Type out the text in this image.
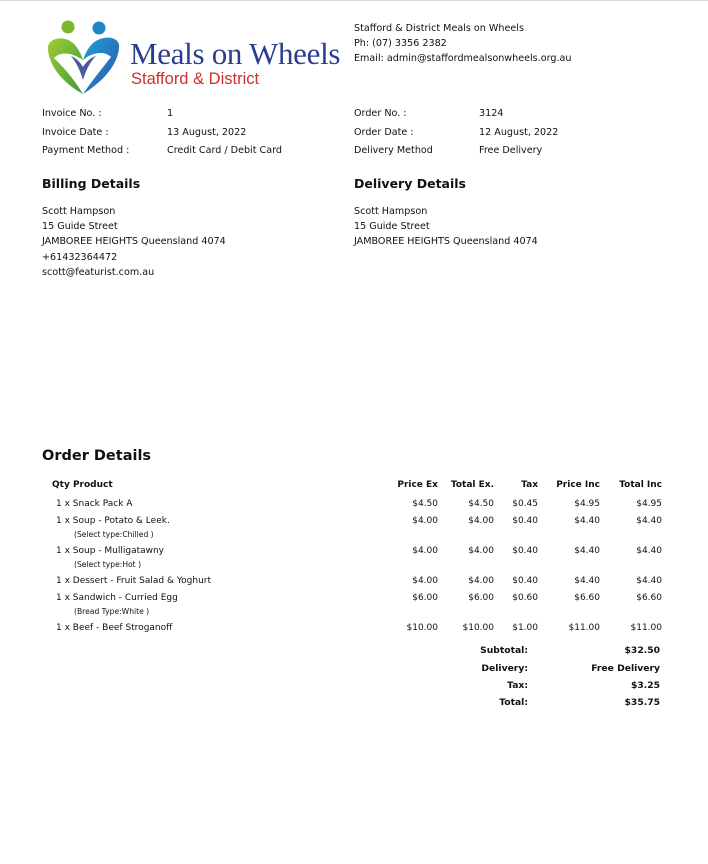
Meals on Wheels
Stafford & District
Stafford & District Meals on Wheels
Ph: (07) 3356 2382
Email: admin@staffordmealsonwheels.org.au
Invoice No. :	1
Invoice Date :	13 August, 2022
Payment Method :	Credit Card / Debit Card
Order No. :	3124
Order Date :	12 August, 2022
Delivery Method	Free Delivery
Billing Details
Scott Hampson
15 Guide Street
JAMBOREE HEIGHTS Queensland 4074
+61432364472
scott@featurist.com.au
Delivery Details
Scott Hampson
15 Guide Street
JAMBOREE HEIGHTS Queensland 4074
Order Details
Qty Product	Price Ex Total Ex.	Tax Price Inc Total Inc
1 x Snack Pack A	$4.50	$4.50 $0.45	$4.95	$4.95
1 x Soup - Potato & Leek.
(Select type:Chilled )
$4.00	$4.00 $0.40	$4.40	$4.40
1 x Soup - Mulligatawny
(Select type:Hot )
$4.00	$4.00 $0.40	$4.40	$4.40
1 x Dessert - Fruit Salad & Yoghurt	$4.00	$4.00 $0.40	$4.40	$4.40
1 x Sandwich - Curried Egg
(Bread Type:White )
$6.00	$6.00 $0.60	$6.60	$6.60
1 x Beef - Beef Stroganoff	$10.00	$10.00 $1.00	$11.00	$11.00
Subtotal:	$32.50
Delivery:	Free Delivery
Tax:	$3.25
Total:	$35.75
